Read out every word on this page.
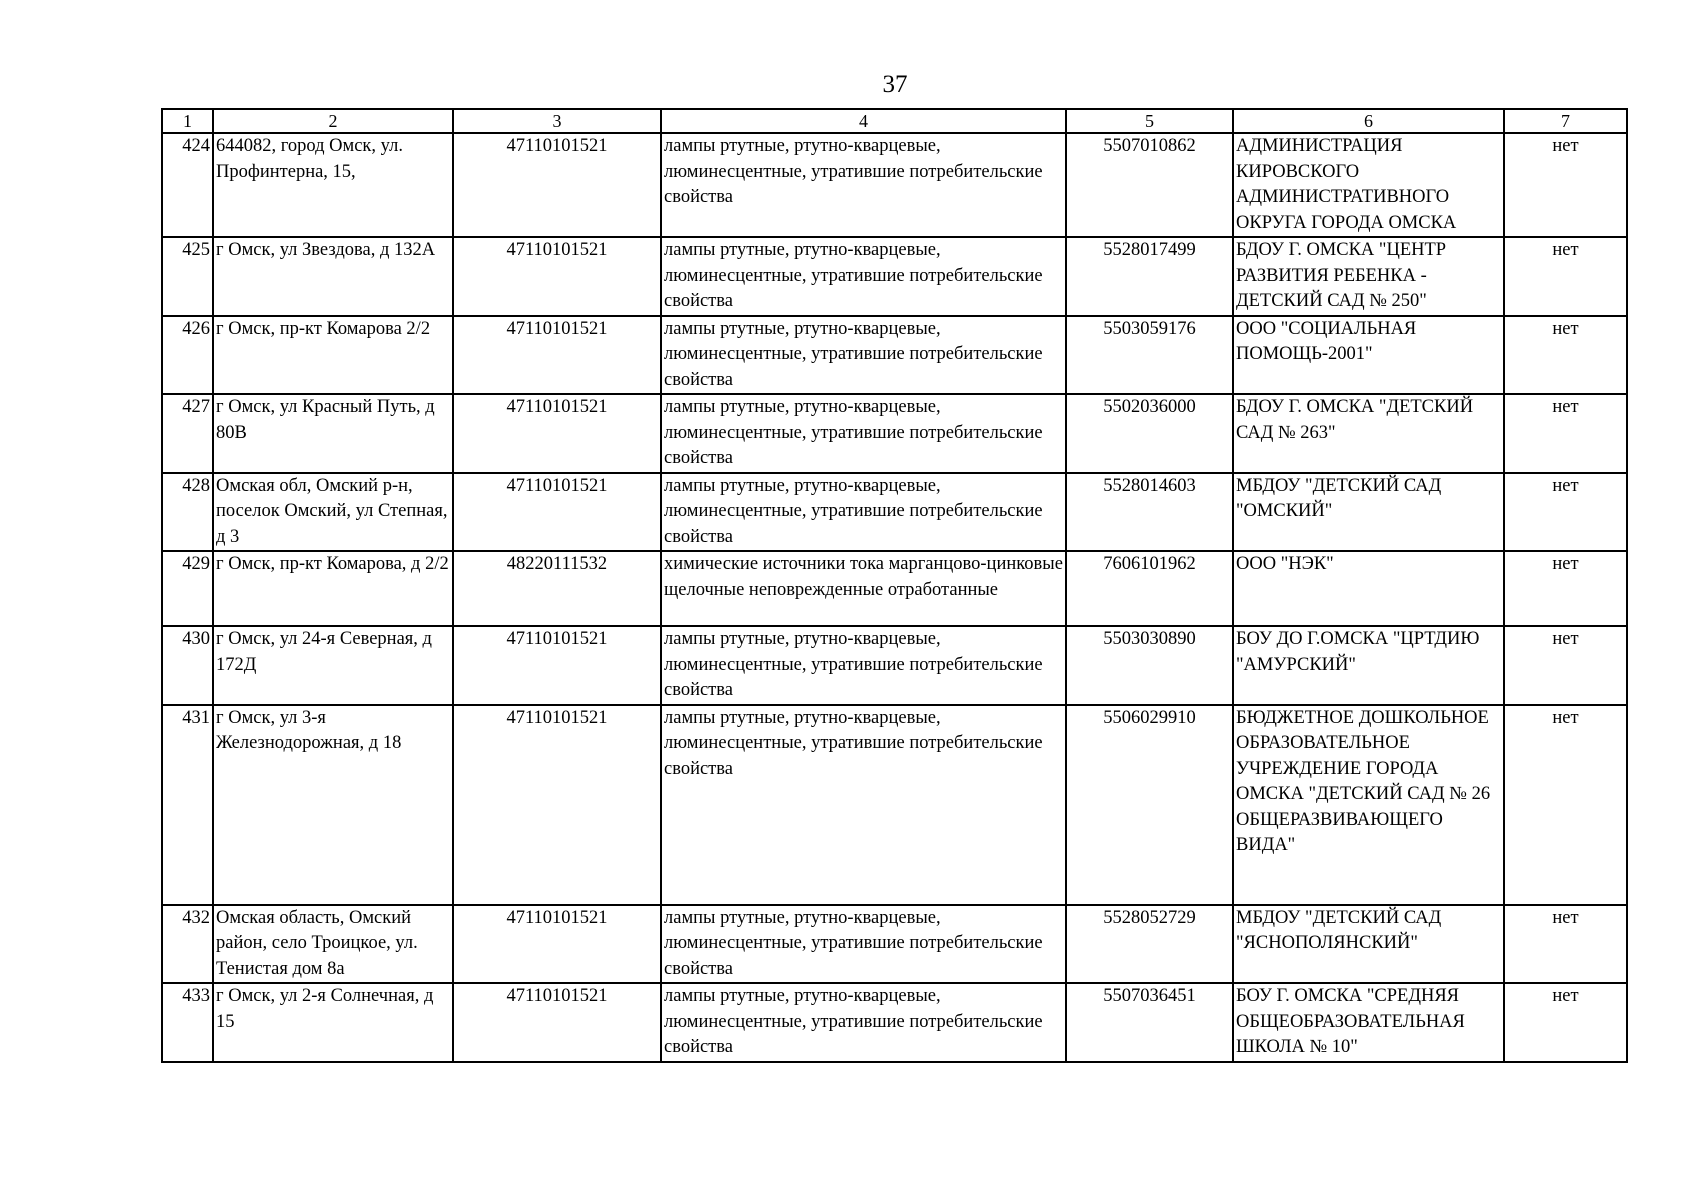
37
1	2	3	4	5	6	7
424	644082, город Омск, ул. Профинтерна, 15,	47110101521	лампы ртутные, ртутно-кварцевые, люминесцентные, утратившие потребительские свойства	5507010862	АДМИНИСТРАЦИЯ КИРОВСКОГО АДМИНИСТРАТИВНОГО ОКРУГА ГОРОДА ОМСКА	нет
425	г Омск, ул Звездова, д 132А	47110101521	лампы ртутные, ртутно-кварцевые, люминесцентные, утратившие потребительские свойства	5528017499	БДОУ Г. ОМСКА "ЦЕНТР РАЗВИТИЯ РЕБЕНКА - ДЕТСКИЙ САД № 250"	нет
426	г Омск, пр-кт Комарова 2/2	47110101521	лампы ртутные, ртутно-кварцевые, люминесцентные, утратившие потребительские свойства	5503059176	ООО "СОЦИАЛЬНАЯ ПОМОЩЬ-2001"	нет
427	г Омск, ул Красный Путь, д 80В	47110101521	лампы ртутные, ртутно-кварцевые, люминесцентные, утратившие потребительские свойства	5502036000	БДОУ Г. ОМСКА "ДЕТСКИЙ САД № 263"	нет
428	Омская обл, Омский р-н, поселок Омский, ул Степная, д 3	47110101521	лампы ртутные, ртутно-кварцевые, люминесцентные, утратившие потребительские свойства	5528014603	МБДОУ "ДЕТСКИЙ САД "ОМСКИЙ"	нет
429	г Омск, пр-кт Комарова, д 2/2	48220111532	химические источники тока марганцово-цинковые щелочные неповрежденные отработанные	7606101962	ООО "НЭК"	нет
430	г Омск, ул 24-я Северная, д 172Д	47110101521	лампы ртутные, ртутно-кварцевые, люминесцентные, утратившие потребительские свойства	5503030890	БОУ ДО Г.ОМСКА "ЦРТДИЮ "АМУРСКИЙ"	нет
431	г Омск, ул 3-я Железнодорожная, д 18	47110101521	лампы ртутные, ртутно-кварцевые, люминесцентные, утратившие потребительские свойства	5506029910	БЮДЖЕТНОЕ ДОШКОЛЬНОЕ ОБРАЗОВАТЕЛЬНОЕ УЧРЕЖДЕНИЕ ГОРОДА ОМСКА "ДЕТСКИЙ САД № 26 ОБЩЕРАЗВИВАЮЩЕГО ВИДА"	нет
432	Омская область, Омский район, село Троицкое, ул. Тенистая дом 8а	47110101521	лампы ртутные, ртутно-кварцевые, люминесцентные, утратившие потребительские свойства	5528052729	МБДОУ "ДЕТСКИЙ САД "ЯСНОПОЛЯНСКИЙ"	нет
433	г Омск, ул 2-я Солнечная, д 15	47110101521	лампы ртутные, ртутно-кварцевые, люминесцентные, утратившие потребительские свойства	5507036451	БОУ Г. ОМСКА "СРЕДНЯЯ ОБЩЕОБРАЗОВАТЕЛЬНАЯ ШКОЛА № 10"	нет
